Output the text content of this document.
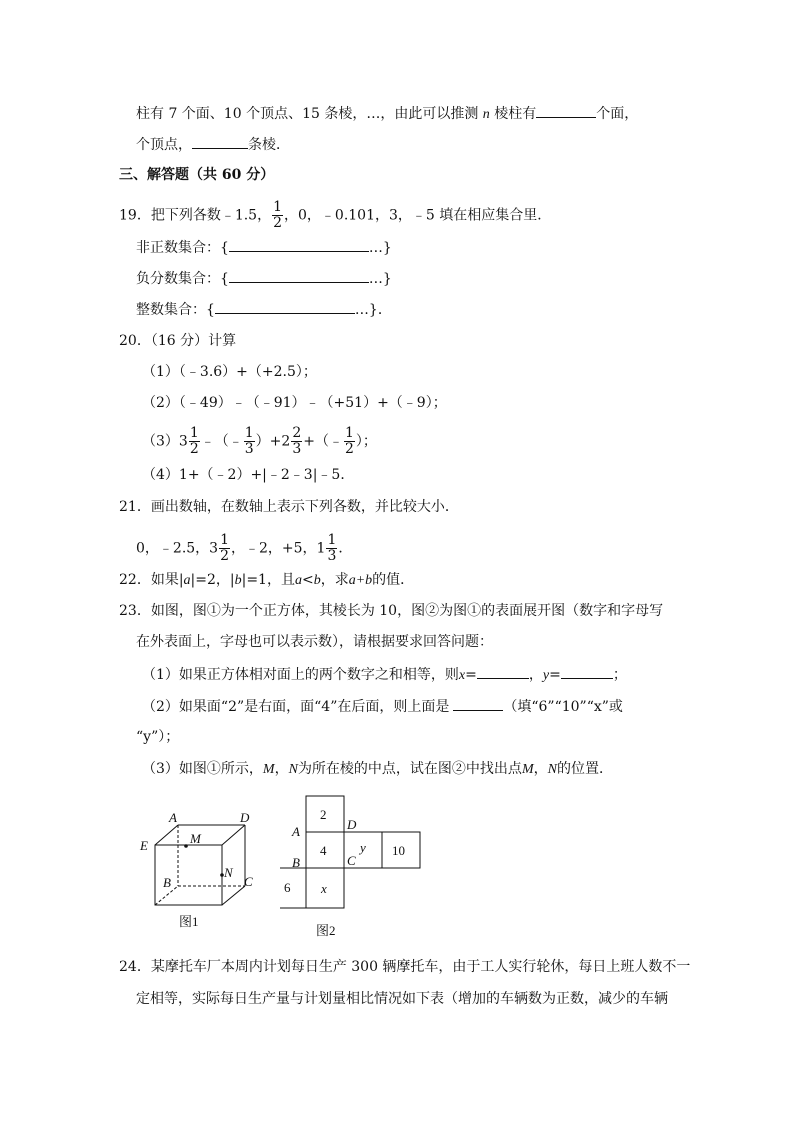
柱有 7 个面、10 个顶点、15 条棱，…，由此可以推测 n 棱柱有	个面，
个顶点，	条棱．
三、解答题（共 60 分）
19．把下列各数﹣1.5， $\frac{1}{2}$ ，0，﹣0.101，3，﹣5 填在相应集合里．
非正数集合：{	…}
负分数集合：{	…}
整数集合：{	…}．
20．（16 分）计算
（1）（﹣3.6）+（+2.5）；
（2）（﹣49）﹣（﹣91）﹣（+51）+（﹣9）；
$(3)3 \frac{1}{2}$ ﹣（﹣ $\frac{1}{3} )+2 \frac{2}{3}$ +（﹣ $\frac{1}{2}$ ）；
（4）1+（﹣2）+|﹣2﹣3|﹣5．
21．画出数轴，在数轴上表示下列各数，并比较大小．
0，﹣2.5，$3 \frac{1}{2}$ ，﹣2，+5，$1 \frac{1}{3}$ ．
22．如果|a|=2，|b|=1，且a<b，求a+b的值．
23．如图，图①为一个正方体，其棱长为 10，图②为图①的表面展开图（数字和字母写
在外表面上，字母也可以表示数），请根据要求回答问题：
（1）如果正方体相对面上的两个数字之和相等，则x=	，y=	；
（2）如果面“2”是右面，面“4”在后面，则上面是	（填“6”“10”“x”或
“y”）；
（3）如图①所示，M，N为所在棱的中点，试在图②中找出点M，N的位置．
A	D
E	M
N
B	C
图1
2
4	y 10
6 x
A	D
B	C
图2
24．某摩托车厂本周内计划每日生产 300 辆摩托车，由于工人实行轮休，每日上班人数不一
定相等，实际每日生产量与计划量相比情况如下表（增加的车辆数为正数，减少的车辆
